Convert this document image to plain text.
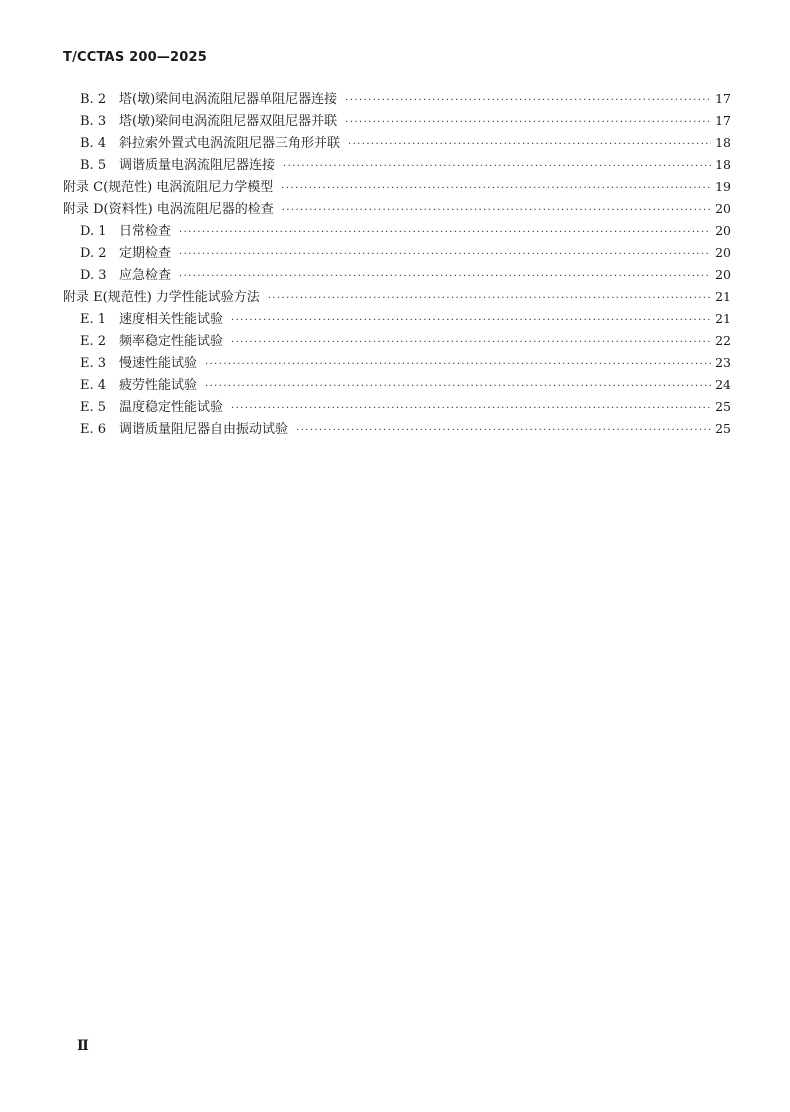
T/CCTAS 200—2025
B. 2 塔(墩)梁间电涡流阻尼器单阻尼器连接 ·····	17
B. 3 塔(墩)梁间电涡流阻尼器双阻尼器并联 ·····	17
B. 4 斜拉索外置式电涡流阻尼器三角形并联 ·····	18
B. 5 调谐质量电涡流阻尼器连接 ·····	18
附录 C(规范性) 电涡流阻尼力学模型 ·····	19
附录 D(资料性) 电涡流阻尼器的检查 ·····	20
D. 1 日常检查 ·····	20
D. 2 定期检查 ·····	20
D. 3 应急检查 ·····	20
附录 E(规范性) 力学性能试验方法 ·····	21
E. 1 速度相关性能试验 ·····	21
E. 2 频率稳定性能试验 ·····	22
E. 3 慢速性能试验 ·····	23
E. 4 疲劳性能试验 ·····	24
E. 5 温度稳定性能试验 ·····	25
E. 6 调谐质量阻尼器自由振动试验 ·····	25
Ⅱ
